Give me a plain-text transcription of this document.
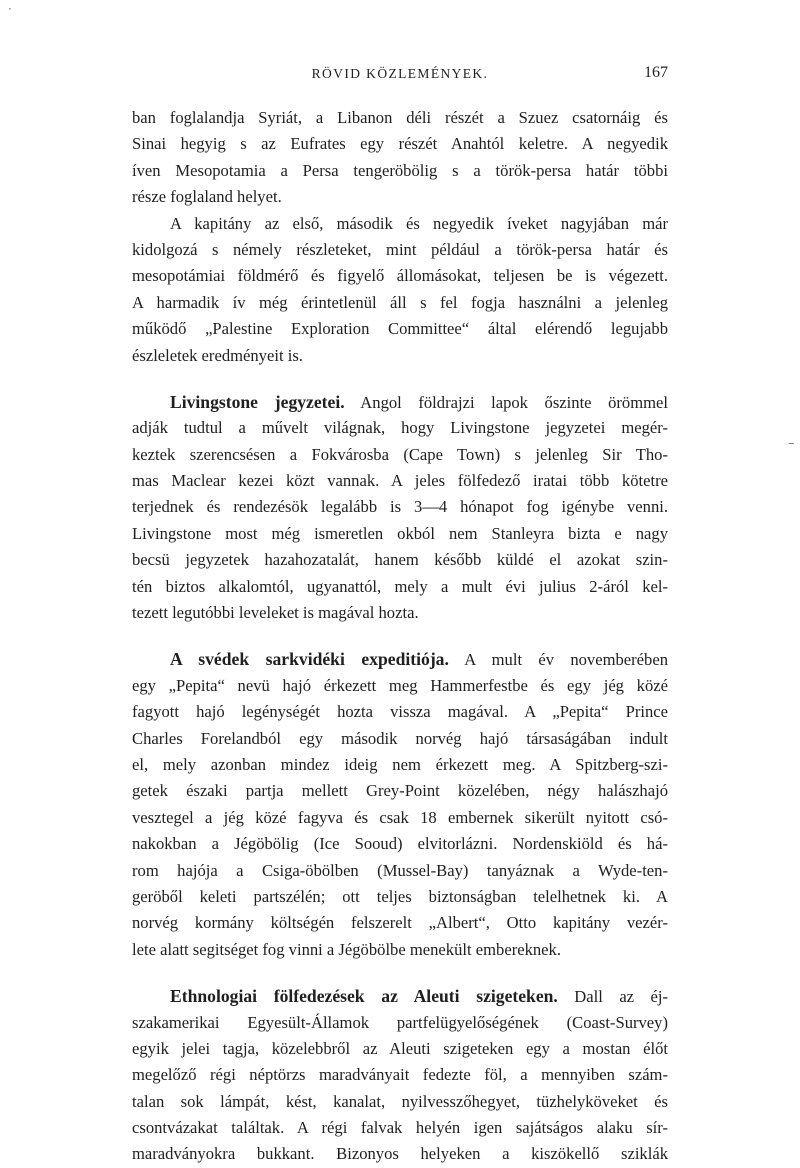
·
–
RÖVID KÖZLEMÉNYEK.	167
ban foglalandja Syriát, a Libanon déli részét a Szuez csatornáig és
Sinai hegyig s az Eufrates egy részét Anahtól keletre. A negyedik
íven Mesopotamia a Persa tengeröbölig s a török-persa határ többi
része foglaland helyet.
A kapitány az első, második és negyedik íveket nagyjában már
kidolgozá s némely részleteket, mint például a török-persa határ és
mesopotámiai földmérő és figyelő állomásokat, teljesen be is végezett.
A harmadik ív még érintetlenül áll s fel fogja használni a jelenleg
működő „Palestine Exploration Committee“ által elérendő legujabb
észleletek eredményeit is.
Livingstone jegyzetei. Angol földrajzi lapok őszinte örömmel
adják tudtul a művelt világnak, hogy Livingstone jegyzetei megér-
keztek szerencsésen a Fokvárosba (Cape Town) s jelenleg Sir Tho-
mas Maclear kezei közt vannak. A jeles fölfedező iratai több kötetre
terjednek és rendezésök legalább is 3—4 hónapot fog igénybe venni.
Livingstone most még ismeretlen okból nem Stanleyra bizta e nagy
becsü jegyzetek hazahozatalát, hanem később küldé el azokat szin-
tén biztos alkalomtól, ugyanattól, mely a mult évi julius 2-áról kel-
tezett legutóbbi leveleket is magával hozta.
A svédek sarkvidéki expeditiója. A mult év novemberében
egy „Pepita“ nevü hajó érkezett meg Hammerfestbe és egy jég közé
fagyott hajó legénységét hozta vissza magával. A „Pepita“ Prince
Charles Forelandból egy második norvég hajó társaságában indult
el, mely azonban mindez ideig nem érkezett meg. A Spitzberg-szi-
getek északi partja mellett Grey-Point közelében, négy halászhajó
vesztegel a jég közé fagyva és csak 18 embernek sikerült nyitott csó-
nakokban a Jégöbölig (Ice Sooud) elvitorlázni. Nordenskiöld és há-
rom hajója a Csiga-öbölben (Mussel-Bay) tanyáznak a Wyde-ten-
geröből keleti partszélén; ott teljes biztonságban telelhetnek ki. A
norvég kormány költségén felszerelt „Albert“, Otto kapitány vezér-
lete alatt segitséget fog vinni a Jégöbölbe menekült embereknek.
Ethnologiai fölfedezések az Aleuti szigeteken. Dall az éj-
szakamerikai Egyesült-Államok partfelügyelőségének (Coast-Survey)
egyik jelei tagja, közelebbről az Aleuti szigeteken egy a mostan élőt
megelőző régi néptörzs maradványait fedezte föl, a mennyiben szám-
talan sok lámpát, kést, kanalat, nyilvesszőhegyet, tüzhelyköveket és
csontvázakat találtak. A régi falvak helyén igen sajátságos alaku sír-
maradványokra bukkant. Bizonyos helyeken a kiszökellő sziklák
